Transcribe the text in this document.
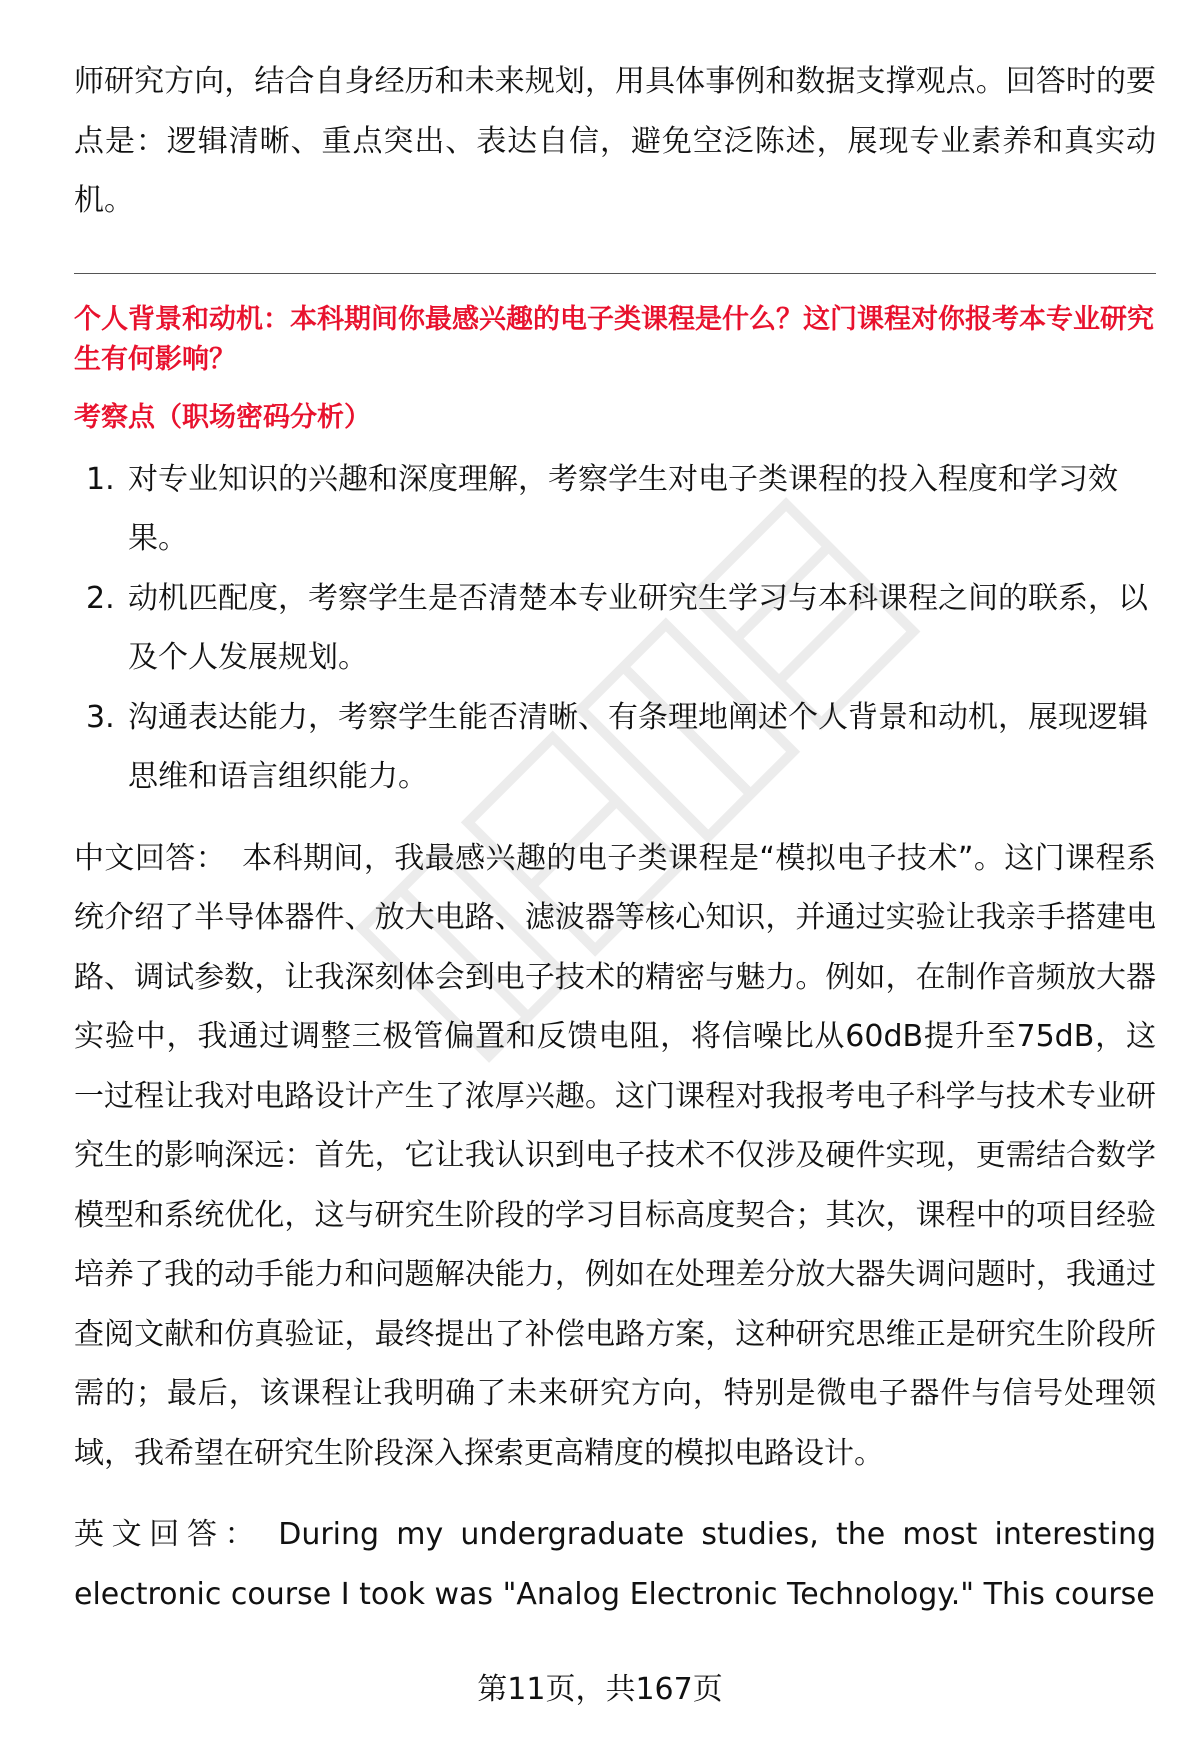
师研究方向，结合自身经历和未来规划，用具体事例和数据支撑观点。回答时的要点是：逻辑清晰、重点突出、表达自信，避免空泛陈述，展现专业素养和真实动机。

个人背景和动机：本科期间你最感兴趣的电子类课程是什么？这门课程对你报考本专业研究生有何影响？

考察点（职场密码分析）

1. 对专业知识的兴趣和深度理解，考察学生对电子类课程的投入程度和学习效果。
2. 动机匹配度，考察学生是否清楚本专业研究生学习与本科课程之间的联系，以及个人发展规划。
3. 沟通表达能力，考察学生能否清晰、有条理地阐述个人背景和动机，展现逻辑思维和语言组织能力。

中文回答： 本科期间，我最感兴趣的电子类课程是“模拟电子技术”。这门课程系统介绍了半导体器件、放大电路、滤波器等核心知识，并通过实验让我亲手搭建电路、调试参数，让我深刻体会到电子技术的精密与魅力。例如，在制作音频放大器实验中，我通过调整三极管偏置和反馈电阻，将信噪比从60dB提升至75dB，这一过程让我对电路设计产生了浓厚兴趣。这门课程对我报考电子科学与技术专业研究生的影响深远：首先，它让我认识到电子技术不仅涉及硬件实现，更需结合数学模型和系统优化，这与研究生阶段的学习目标高度契合；其次，课程中的项目经验培养了我的动手能力和问题解决能力，例如在处理差分放大器失调问题时，我通过查阅文献和仿真验证，最终提出了补偿电路方案，这种研究思维正是研究生阶段所需的；最后，该课程让我明确了未来研究方向，特别是微电子器件与信号处理领域，我希望在研究生阶段深入探索更高精度的模拟电路设计。

英文回答： During my undergraduate studies, the most interesting electronic course I took was "Analog Electronic Technology." This course

第11页，共167页
